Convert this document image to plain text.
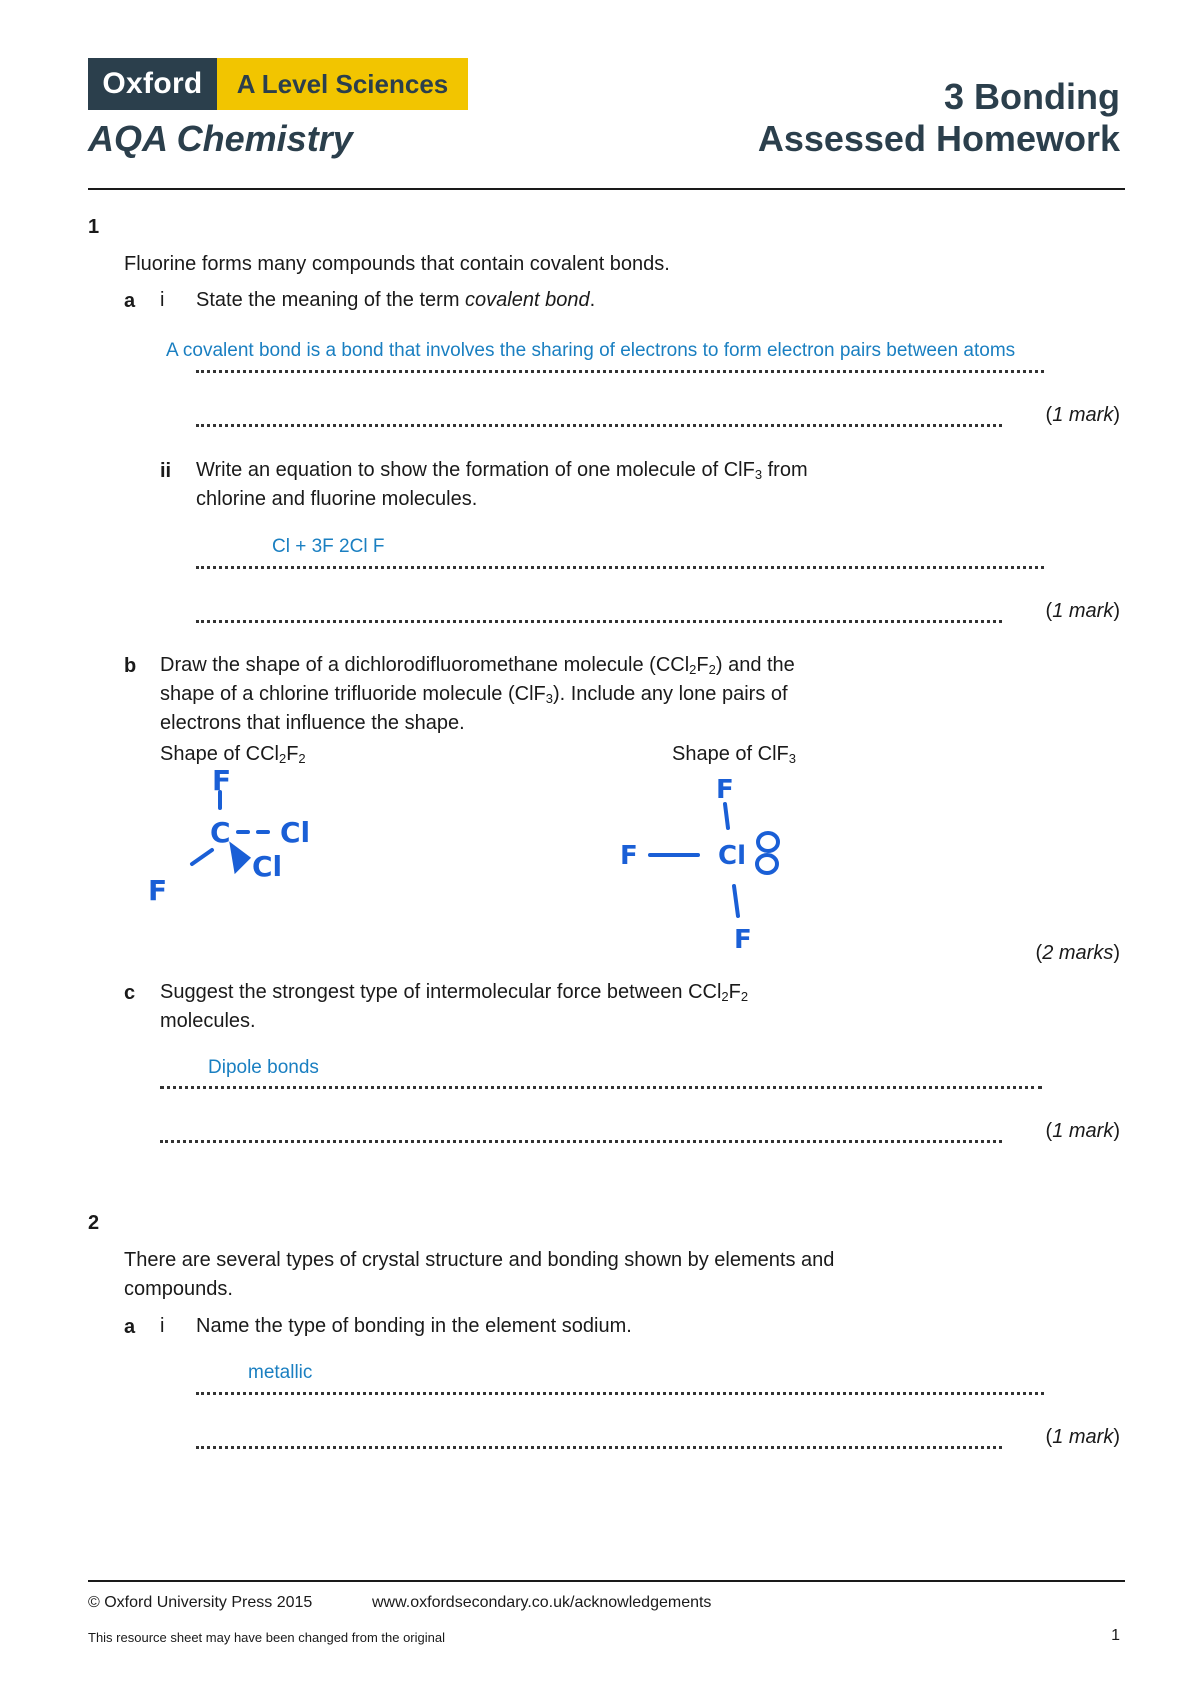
Oxford	A Level Sciences
AQA Chemistry
3 Bonding
Assessed Homework
1
Fluorine forms many compounds that contain covalent bonds.
a i State the meaning of the term covalent bond.
A covalent bond is a bond that involves the sharing of electrons to form electron pairs between atoms
(1 mark)
ii Write an equation to show the formation of one molecule of ClF$_3$ from
chlorine and fluorine molecules.
Cl + 3F 2Cl F
(1 mark)
b Draw the shape of a dichlorodifluoromethane molecule $(CCl_2F_2)$ and the
shape of a chlorine trifluoride molecule (ClF$_3$). Include any lone pairs of
electrons that influence the shape.
Shape of $CCl_2F_2$	Shape of ClF$_3$
F
C Cl
Cl
F
F
F	Cl
F	(2 marks)
c Suggest the strongest type of intermolecular force between $CCl_2F_2$
molecules.
Dipole bonds
(1 mark)
2
There are several types of crystal structure and bonding shown by elements and
compounds.
a i Name the type of bonding in the element sodium.
metallic
(1 mark)
© Oxford University Press 2015	www.oxfordsecondary.co.uk/acknowledgements
This resource sheet may have been changed from the original	1
